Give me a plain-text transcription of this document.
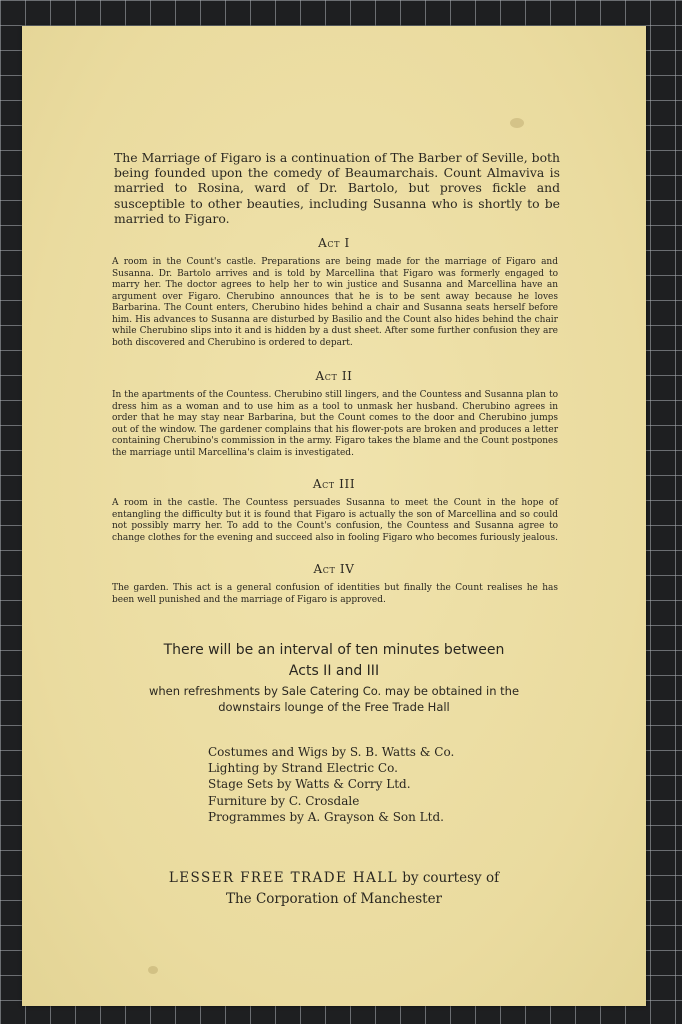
The Marriage of Figaro is a continuation of The Barber of Seville, both being founded upon the comedy of Beaumarchais. Count Almaviva is married to Rosina, ward of Dr. Bartolo, but proves fickle and susceptible to other beauties, including Susanna who is shortly to be married to Figaro.
Act I
A room in the Count's castle. Preparations are being made for the marriage of Figaro and Susanna. Dr. Bartolo arrives and is told by Marcellina that Figaro was formerly engaged to marry her. The doctor agrees to help her to win justice and Susanna and Marcellina have an argument over Figaro. Cherubino announces that he is to be sent away because he loves Barbarina. The Count enters, Cherubino hides behind a chair and Susanna seats herself before him. His advances to Susanna are disturbed by Basilio and the Count also hides behind the chair while Cherubino slips into it and is hidden by a dust sheet. After some further confusion they are both discovered and Cherubino is ordered to depart.
Act II
In the apartments of the Countess. Cherubino still lingers, and the Countess and Susanna plan to dress him as a woman and to use him as a tool to unmask her husband. Cherubino agrees in order that he may stay near Barbarina, but the Count comes to the door and Cherubino jumps out of the window. The gardener complains that his flower-pots are broken and produces a letter containing Cherubino's commission in the army. Figaro takes the blame and the Count postpones the marriage until Marcellina's claim is investigated.
Act III
A room in the castle. The Countess persuades Susanna to meet the Count in the hope of entangling the difficulty but it is found that Figaro is actually the son of Marcellina and so could not possibly marry her. To add to the Count's confusion, the Countess and Susanna agree to change clothes for the evening and succeed also in fooling Figaro who becomes furiously jealous.
Act IV
The garden. This act is a general confusion of identities but finally the Count realises he has been well punished and the marriage of Figaro is approved.
There will be an interval of ten minutes between
Acts II and III
when refreshments by Sale Catering Co. may be obtained in the
downstairs lounge of the Free Trade Hall
Costumes and Wigs by S. B. Watts & Co.
Lighting by Strand Electric Co.
Stage Sets by Watts & Corry Ltd.
Furniture by C. Crosdale
Programmes by A. Grayson & Son Ltd.
LESSER FREE TRADE HALL by courtesy of
The Corporation of Manchester
